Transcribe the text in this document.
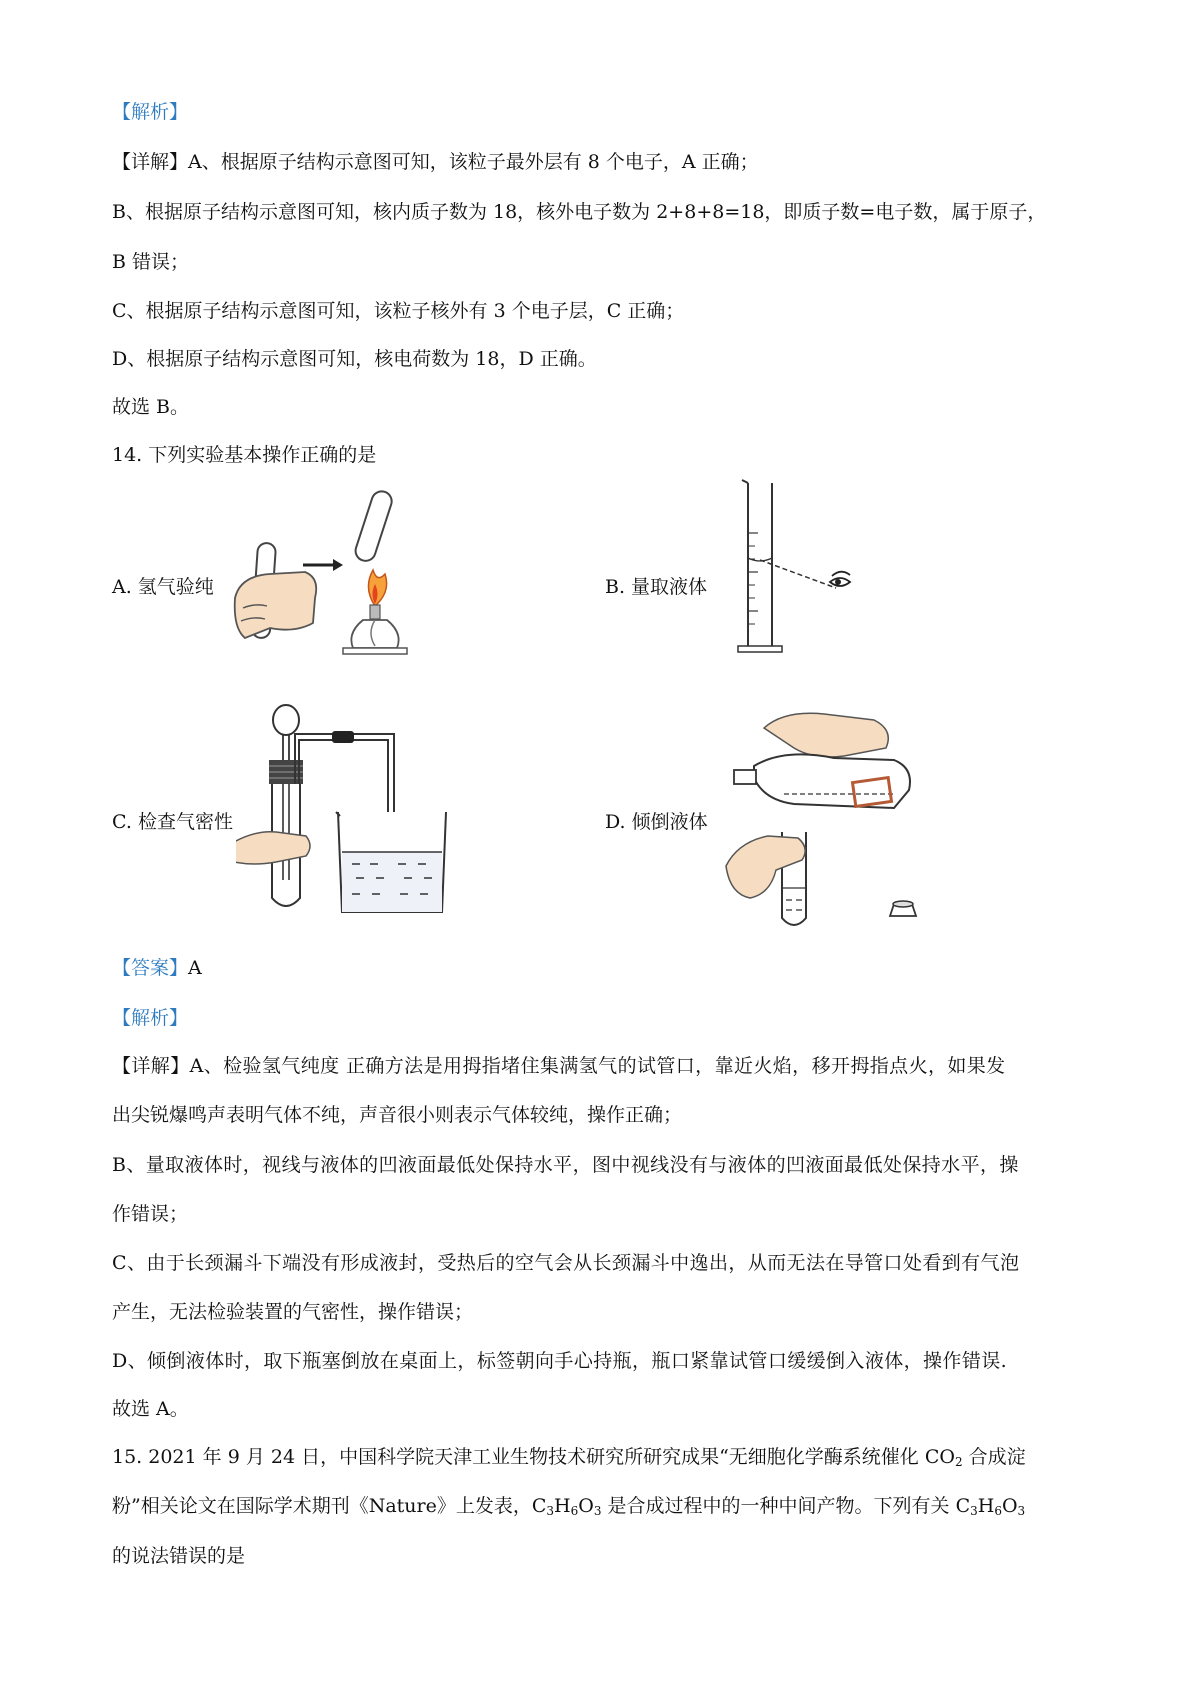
【解析】
【详解】A、根据原子结构示意图可知，该粒子最外层有 8 个电子，A 正确；
B、根据原子结构示意图可知，核内质子数为 18，核外电子数为 2+8+8=18，即质子数=电子数，属于原子，
B 错误；
C、根据原子结构示意图可知，该粒子核外有 3 个电子层，C 正确；
D、根据原子结构示意图可知，核电荷数为 18，D 正确。
故选 B。
14. 下列实验基本操作正确的是
A. 氢气验纯	B. 量取液体
C. 检查气密性	D. 倾倒液体
【答案】A
【解析】
【详解】A、检验氢气纯度 正确方法是用拇指堵住集满氢气的试管口，靠近火焰，移开拇指点火，如果发
出尖锐爆鸣声表明气体不纯，声音很小则表示气体较纯，操作正确；
B、量取液体时，视线与液体的凹液面最低处保持水平，图中视线没有与液体的凹液面最低处保持水平，操
作错误；
C、由于长颈漏斗下端没有形成液封，受热后的空气会从长颈漏斗中逸出，从而无法在导管口处看到有气泡
产生，无法检验装置的气密性，操作错误；
D、倾倒液体时，取下瓶塞倒放在桌面上，标签朝向手心持瓶，瓶口紧靠试管口缓缓倒入液体，操作错误.
故选 A。
15. 2021 年 9 月 24 日，中国科学院天津工业生物技术研究所研究成果“无细胞化学酶系统催化 $CO_2$ 合成淀
粉”相关论文在国际学术期刊《Nature》上发表，$C_3H_6O_3$ 是合成过程中的一种中间产物。下列有关 $C_3H_6O_3$
的说法错误的是
